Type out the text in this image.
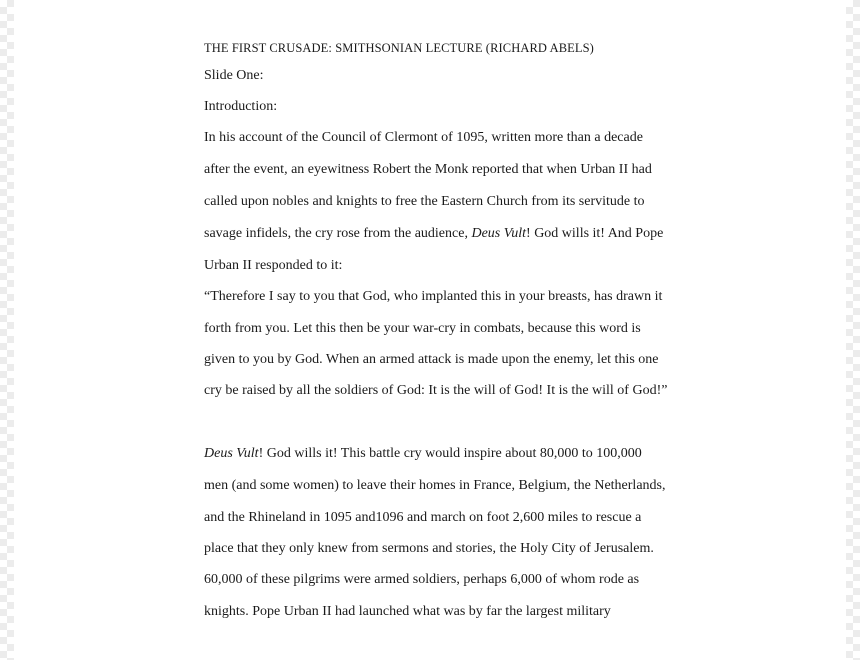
THE FIRST CRUSADE: SMITHSONIAN LECTURE (RICHARD ABELS)
Slide One:
Introduction:
In his account of the Council of Clermont of 1095, written more than a decade
after the event, an eyewitness Robert the Monk reported that when Urban II had
called upon nobles and knights to free the Eastern Church from its servitude to
savage infidels, the cry rose from the audience, Deus Vult! God wills it! And Pope
Urban II responded to it:
“Therefore I say to you that God, who implanted this in your breasts, has drawn it
forth from you. Let this then be your war-cry in combats, because this word is
given to you by God. When an armed attack is made upon the enemy, let this one
cry be raised by all the soldiers of God: It is the will of God! It is the will of God!”
Deus Vult! God wills it! This battle cry would inspire about 80,000 to 100,000
men (and some women) to leave their homes in France, Belgium, the Netherlands,
and the Rhineland in 1095 and1096 and march on foot 2,600 miles to rescue a
place that they only knew from sermons and stories, the Holy City of Jerusalem.
60,000 of these pilgrims were armed soldiers, perhaps 6,000 of whom rode as
knights. Pope Urban II had launched what was by far the largest military
